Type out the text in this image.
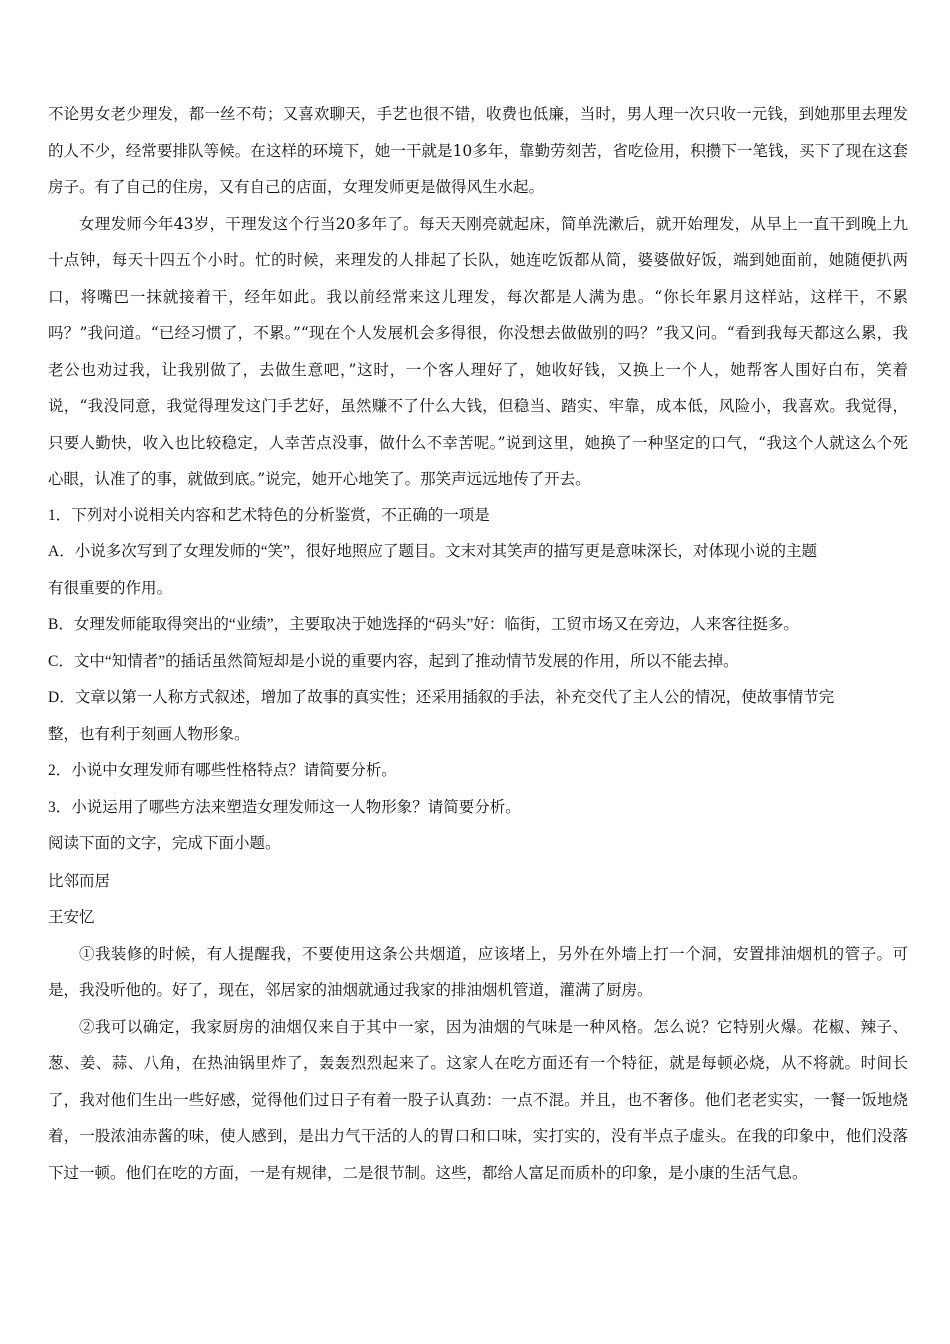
不论男女老少理发，都一丝不苟；又喜欢聊天，手艺也很不错，收费也低廉，当时，男人理一次只收一元钱，到她那里去理发的人不少，经常要排队等候。在这样的环境下，她一干就是10多年，靠勤劳刻苦，省吃俭用，积攒下一笔钱，买下了现在这套房子。有了自己的住房，又有自己的店面，女理发师更是做得风生水起。

女理发师今年43岁，干理发这个行当20多年了。每天天刚亮就起床，简单洗漱后，就开始理发，从早上一直干到晚上九十点钟，每天十四五个小时。忙的时候，来理发的人排起了长队，她连吃饭都从简，婆婆做好饭，端到她面前，她随便扒两口，将嘴巴一抹就接着干，经年如此。我以前经常来这儿理发，每次都是人满为患。“你长年累月这样站，这样干，不累吗？”我问道。“已经习惯了，不累。”“现在个人发展机会多得很，你没想去做做别的吗？”我又问。“看到我每天都这么累，我老公也劝过我，让我别做了，去做生意吧，”这时，一个客人理好了，她收好钱，又换上一个人，她帮客人围好白布，笑着说，“我没同意，我觉得理发这门手艺好，虽然赚不了什么大钱，但稳当、踏实、牢靠，成本低，风险小，我喜欢。我觉得，只要人勤快，收入也比较稳定，人幸苦点没事，做什么不幸苦呢。”说到这里，她换了一种坚定的口气，“我这个人就这么个死心眼，认准了的事，就做到底。”说完，她开心地笑了。那笑声远远地传了开去。

1．下列对小说相关内容和艺术特色的分析鉴赏，不正确的一项是

A．小说多次写到了女理发师的“笑”，很好地照应了题目。文末对其笑声的描写更是意味深长，对体现小说的主题

有很重要的作用。

B．女理发师能取得突出的“业绩”，主要取决于她选择的“码头”好：临街，工贸市场又在旁边，人来客往挺多。

C．文中“知情者”的插话虽然简短却是小说的重要内容，起到了推动情节发展的作用，所以不能去掉。

D．文章以第一人称方式叙述，增加了故事的真实性；还采用插叙的手法，补充交代了主人公的情况，使故事情节完

整，也有利于刻画人物形象。

2．小说中女理发师有哪些性格特点？请简要分析。

3．小说运用了哪些方法来塑造女理发师这一人物形象？请简要分析。

阅读下面的文字，完成下面小题。

比邻而居

王安忆

①我装修的时候，有人提醒我，不要使用这条公共烟道，应该堵上，另外在外墙上打一个洞，安置排油烟机的管子。可是，我没听他的。好了，现在，邻居家的油烟就通过我家的排油烟机管道，灌满了厨房。

②我可以确定，我家厨房的油烟仅来自于其中一家，因为油烟的气味是一种风格。怎么说？它特别火爆。花椒、辣子、葱、姜、蒜、八角，在热油锅里炸了，轰轰烈烈起来了。这家人在吃方面还有一个特征，就是每顿必烧，从不将就。时间长了，我对他们生出一些好感，觉得他们过日子有着一股子认真劲：一点不混。并且，也不奢侈。他们老老实实，一餐一饭地烧着，一股浓油赤酱的味，使人感到，是出力气干活的人的胃口和口味，实打实的，没有半点子虚头。在我的印象中，他们没落下过一顿。他们在吃的方面，一是有规律，二是很节制。这些，都给人富足而质朴的印象，是小康的生活气息。
